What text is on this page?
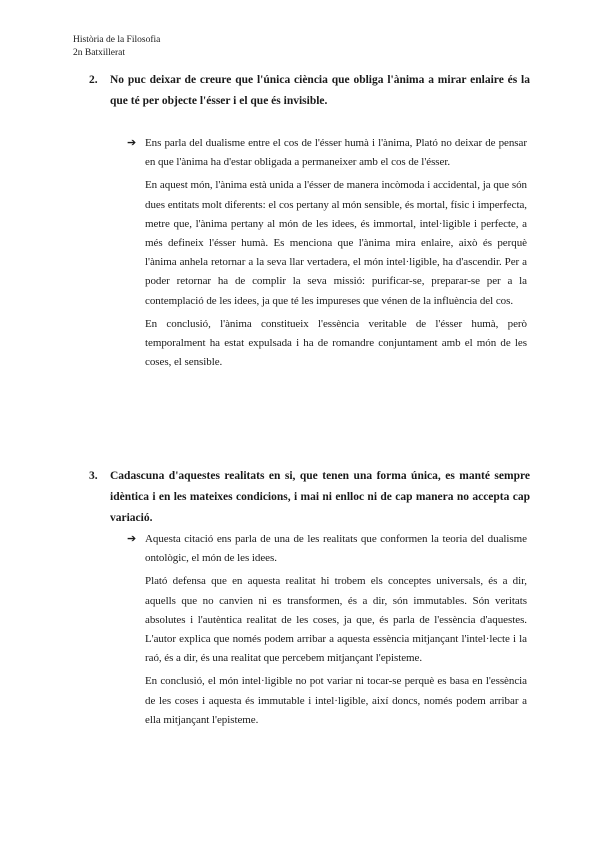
Història de la Filosofia
2n Batxillerat
2. No puc deixar de creure que l'única ciència que obliga l'ànima a mirar enlaire és la que té per objecte l'ésser i el que és invisible.
➔ Ens parla del dualisme entre el cos de l'ésser humà i l'ànima, Plató no deixar de pensar en que l'ànima ha d'estar obligada a permaneixer amb el cos de l'ésser.

En aquest món, l'ànima està unida a l'ésser de manera incòmoda i accidental, ja que són dues entitats molt diferents: el cos pertany al món sensible, és mortal, físic i imperfecta, metre que, l'ànima pertany al món de les idees, és immortal, intel·ligible i perfecte, a més defineix l'ésser humà. Es menciona que l'ànima mira enlaire, això és perquè l'ànima anhela retornar a la seva llar vertadera, el món intel·ligible, ha d'ascendir. Per a poder retornar ha de complir la seva missió: purificar-se, preparar-se per a la contemplació de les idees, ja que té les impureses que vénen de la influència del cos.

En conclusió, l'ànima constitueix l'essència veritable de l'ésser humà, però temporalment ha estat expulsada i ha de romandre conjuntament amb el món de les coses, el sensible.

3. Cadascuna d'aquestes realitats en si, que tenen una forma única, es manté sempre idèntica i en les mateixes condicions, i mai ni enlloc ni de cap manera no accepta cap variació.
➔ Aquesta citació ens parla de una de les realitats que conformen la teoria del dualisme ontològic, el món de les idees.

Plató defensa que en aquesta realitat hi trobem els conceptes universals, és a dir, aquells que no canvien ni es transformen, és a dir, són immutables. Són veritats absolutes i l'autèntica realitat de les coses, ja que, és parla de l'essència d'aquestes. L'autor explica que només podem arribar a aquesta essència mitjançant l'intel·lecte i la raó, és a dir, és una realitat que percebem mitjançant l'episteme.

En conclusió, el món intel·ligible no pot variar ni tocar-se perquè es basa en l'essència de les coses i aquesta és immutable i intel·ligible, així doncs, només podem arribar a ella mitjançant l'episteme.
